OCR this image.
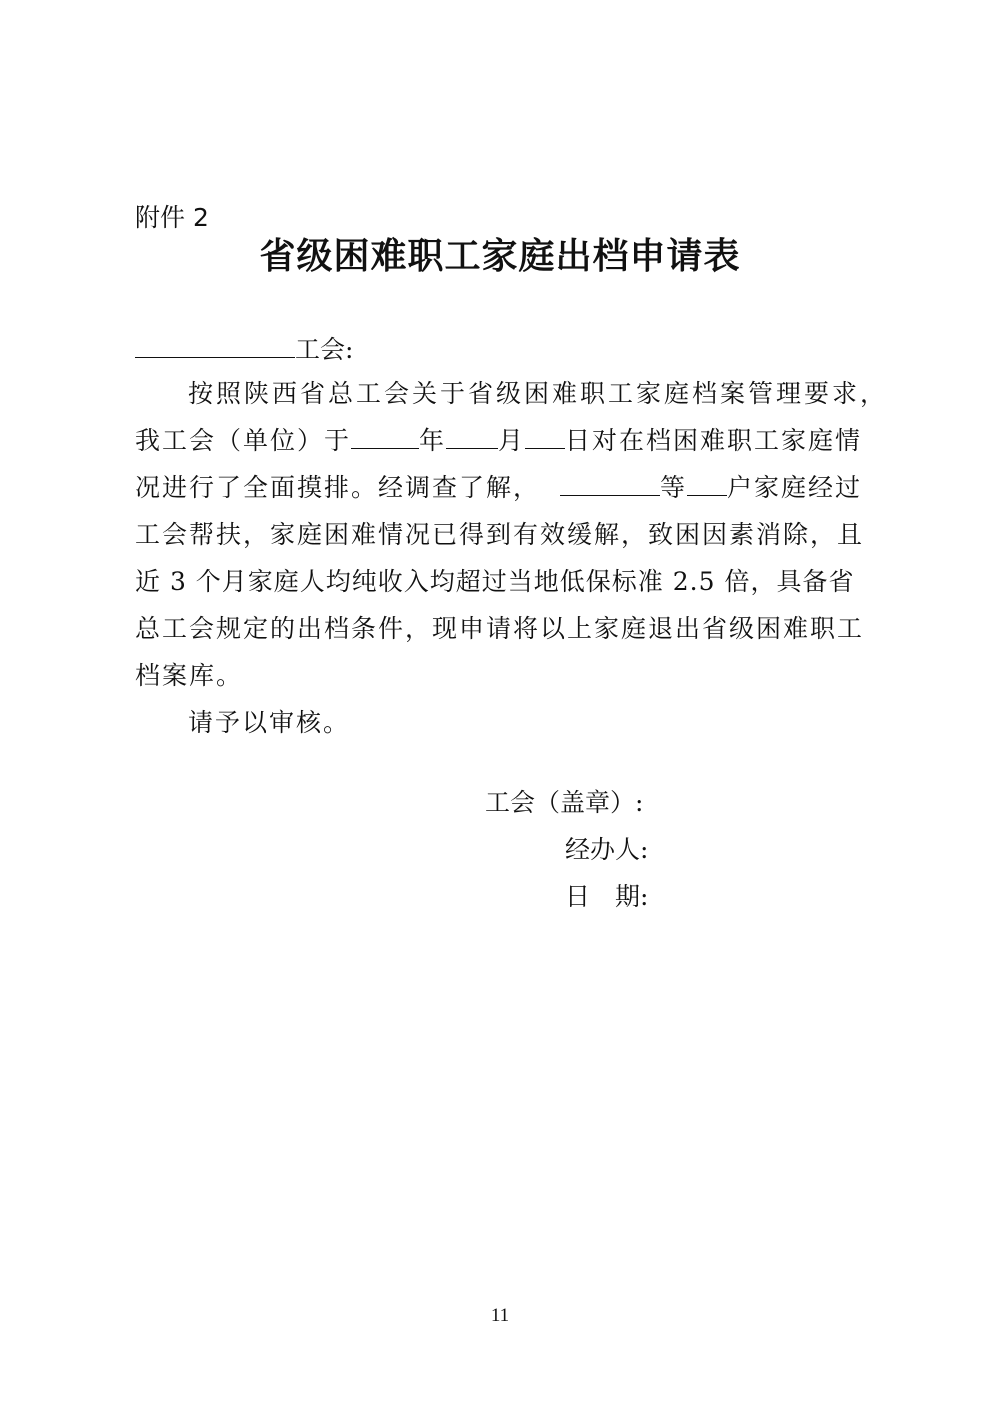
附件 2
省级困难职工家庭出档申请表
工会:
按照陕西省总工会关于省级困难职工家庭档案管理要求，
我工会（单位）于	年 月 日对在档困难职工家庭情
况进行了全面摸排。经调查了解，	等 户家庭经过
工会帮扶，家庭困难情况已得到有效缓解，致困因素消除，且
近 3 个月家庭人均纯收入均超过当地低保标准 2.5 倍，具备省
总工会规定的出档条件，现申请将以上家庭退出省级困难职工
档案库。
请予以审核。
工会（盖章）:
经办人:
日　期:
11
